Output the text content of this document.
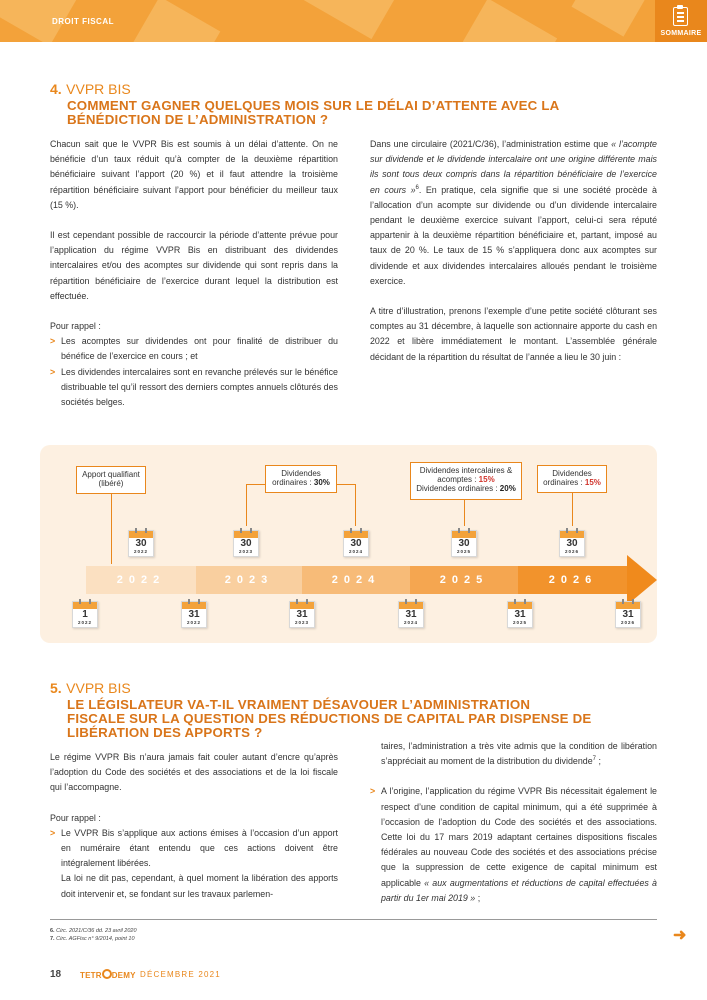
DROIT FISCAL
SOMMAIRE
4. VVPR BIS
COMMENT GAGNER QUELQUES MOIS SUR LE DÉLAI D’ATTENTE AVEC LA
BÉNÉDICTION DE L’ADMINISTRATION ?

Chacun sait que le VVPR Bis est soumis à un délai d’attente. On ne bénéficie d’un taux réduit qu’à compter de la deuxième répartition bénéficiaire suivant l’apport (20 %) et il faut attendre la troisième répartition bénéficiaire suivant l’apport pour bénéficier du meilleur taux (15 %).

Il est cependant possible de raccourcir la période d’attente prévue pour l’application du régime VVPR Bis en distribuant des dividendes intercalaires et/ou des acomptes sur dividende qui sont repris dans la répartition bénéficiaire de l’exercice durant lequel la distribution est effectuée.

Pour rappel :

> Les acomptes sur dividendes ont pour finalité de distribuer du bénéfice de l’exercice en cours ; et
> Les dividendes intercalaires sont en revanche prélevés sur le bénéfice distribuable tel qu’il ressort des derniers comptes annuels clôturés des sociétés belges.

Dans une circulaire (2021/C/36), l’administration estime que « l’acompte sur dividende et le dividende intercalaire ont une origine différente mais ils sont tous deux compris dans la répartition bénéficiaire de l’exercice en cours »$^6$. En pratique, cela signifie que si une société procède à l’allocation d’un acompte sur dividende ou d’un dividende intercalaire pendant le deuxième exercice suivant l’apport, celui-ci sera réputé appartenir à la deuxième répartition bénéficiaire et, partant, imposé au taux de 20 %. Le taux de 15 % s’appliquera donc aux acomptes sur dividende et aux dividendes intercalaires alloués pendant le troisième exercice.

A titre d’illustration, prenons l’exemple d’une petite société clôturant ses comptes au 31 décembre, à laquelle son actionnaire apporte du cash en 2022 et libère immédiatement le montant. L’assemblée générale décidant de la répartition du résultat de l’année a lieu le 30 juin :

Apport qualifiant (libéré)
Dividendes ordinaires : 30%
Dividendes intercalaires &
acomptes : 15%
Dividendes ordinaires : 20%
Dividendes ordinaires : 15%
2022	2023	2024	2025	2026
30
2022
30
2023
30
2024
30
2025
30
2026
1
2022
31
2022
31
2023
31
2024
31
2025
31
2026
5. VVPR BIS
LE LÉGISLATEUR VA-T-IL VRAIMENT DÉSAVOUER L’ADMINISTRATION
FISCALE SUR LA QUESTION DES RÉDUCTIONS DE CAPITAL PAR DISPENSE DE
LIBÉRATION DES APPORTS ?

Le régime VVPR Bis n’aura jamais fait couler autant d’encre qu’après l’adoption du Code des sociétés et des associations et de la loi fiscale qui l’accompagne.

Pour rappel :

> Le VVPR Bis s’applique aux actions émises à l’occasion d’un apport en numéraire étant entendu que ces actions doivent être intégralement libérées.
La loi ne dit pas, cependant, à quel moment la libération des apports doit intervenir et, se fondant sur les travaux parlemen-

taires, l’administration a très vite admis que la condition de libération s’appréciait au moment de la distribution du dividende$^7$ ;

> A l’origine, l’application du régime VVPR Bis nécessitait également le respect d’une condition de capital minimum, qui a été supprimée à l’occasion de l’adoption du Code des sociétés et des associations. Cette loi du 17 mars 2019 adaptant certaines dispositions fiscales fédérales au nouveau Code des sociétés et des associations précise que la suppression de cette exigence de capital minimum est applicable « aux augmentations et réductions de capital effectuées à partir du 1er mai 2019 » ;
6. Circ. 2021/C/36 dd. 23 avril 2020
7. Circ. AGFisc n° 9/2014, point 10	➜
18 TETR DEMY DÉCEMBRE 2021
